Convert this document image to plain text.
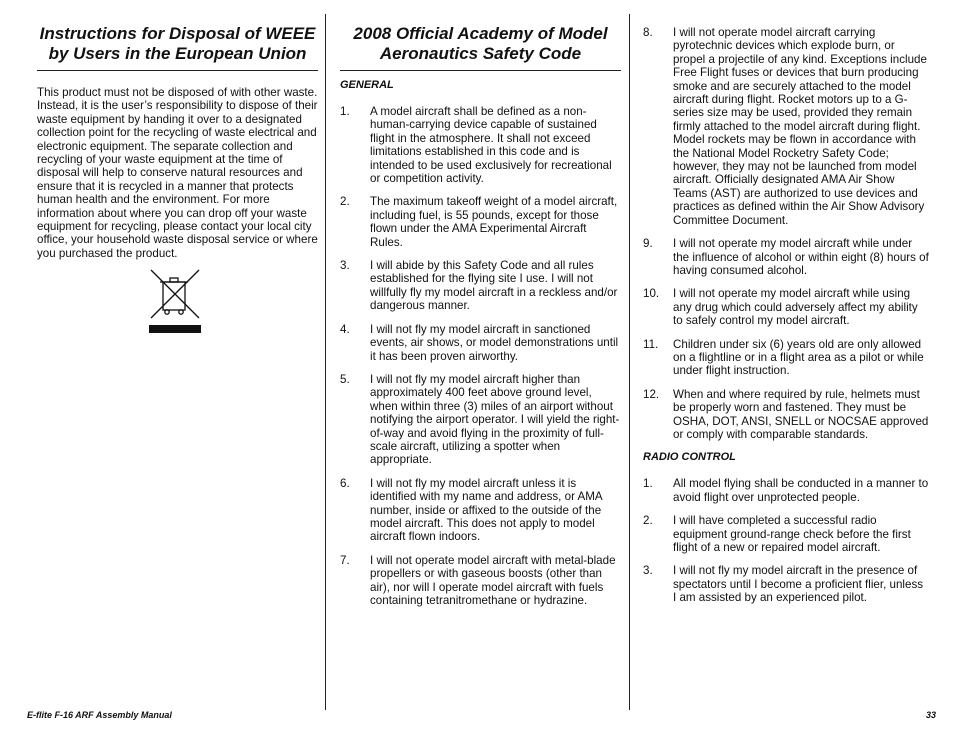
Instructions for Disposal of WEEE by Users in the European Union

This product must not be disposed of with other waste. Instead, it is the user’s responsibility to dispose of their waste equipment by handing it over to a designated collection point for the recycling of waste electrical and electronic equipment. The separate collection and recycling of your waste equipment at the time of disposal will help to conserve natural resources and ensure that it is recycled in a manner that protects human health and the environment. For more information about where you can drop off your waste equipment for recycling, please contact your local city office, your household waste disposal service or where you purchased the product.

2008 Official Academy of Model Aeronautics Safety Code
GENERAL
1.	A model aircraft shall be defined as a non-human-carrying device capable of sustained flight in the atmosphere. It shall not exceed limitations established in this code and is intended to be used exclusively for recreational or competition activity.
2.	The maximum takeoff weight of a model aircraft, including fuel, is 55 pounds, except for those flown under the AMA Experimental Aircraft Rules.
3.	I will abide by this Safety Code and all rules established for the flying site I use. I will not willfully fly my model aircraft in a reckless and/or dangerous manner.
4.	I will not fly my model aircraft in sanctioned events, air shows, or model demonstrations until it has been proven airworthy.
5.	I will not fly my model aircraft higher than approximately 400 feet above ground level, when within three (3) miles of an airport without notifying the airport operator. I will yield the right-of-way and avoid flying in the proximity of full-scale aircraft, utilizing a spotter when appropriate.
6.	I will not fly my model aircraft unless it is identified with my name and address, or AMA number, inside or affixed to the outside of the model aircraft. This does not apply to model aircraft flown indoors.
7.	I will not operate model aircraft with metal-blade propellers or with gaseous boosts (other than air), nor will I operate model aircraft with fuels containing tetranitromethane or hydrazine.
8.	I will not operate model aircraft carrying pyrotechnic devices which explode burn, or propel a projectile of any kind. Exceptions include Free Flight fuses or devices that burn producing smoke and are securely attached to the model aircraft during flight. Rocket motors up to a G-series size may be used, provided they remain firmly attached to the model aircraft during flight. Model rockets may be flown in accordance with the National Model Rocketry Safety Code; however, they may not be launched from model aircraft. Officially designated AMA Air Show Teams (AST) are authorized to use devices and practices as defined within the Air Show Advisory Committee Document.
9.	I will not operate my model aircraft while under the influence of alcohol or within eight (8) hours of having consumed alcohol.
10.	I will not operate my model aircraft while using any drug which could adversely affect my ability to safely control my model aircraft.
11.	Children under six (6) years old are only allowed on a flightline or in a flight area as a pilot or while under flight instruction.
12.	When and where required by rule, helmets must be properly worn and fastened. They must be OSHA, DOT, ANSI, SNELL or NOCSAE approved or comply with comparable standards.
RADIO CONTROL
1.	All model flying shall be conducted in a manner to avoid flight over unprotected people.
2.	I will have completed a successful radio equipment ground-range check before the first flight of a new or repaired model aircraft.
3.	I will not fly my model aircraft in the presence of spectators until I become a proficient flier, unless I am assisted by an experienced pilot.
E-flite F-16 ARF Assembly Manual	33
